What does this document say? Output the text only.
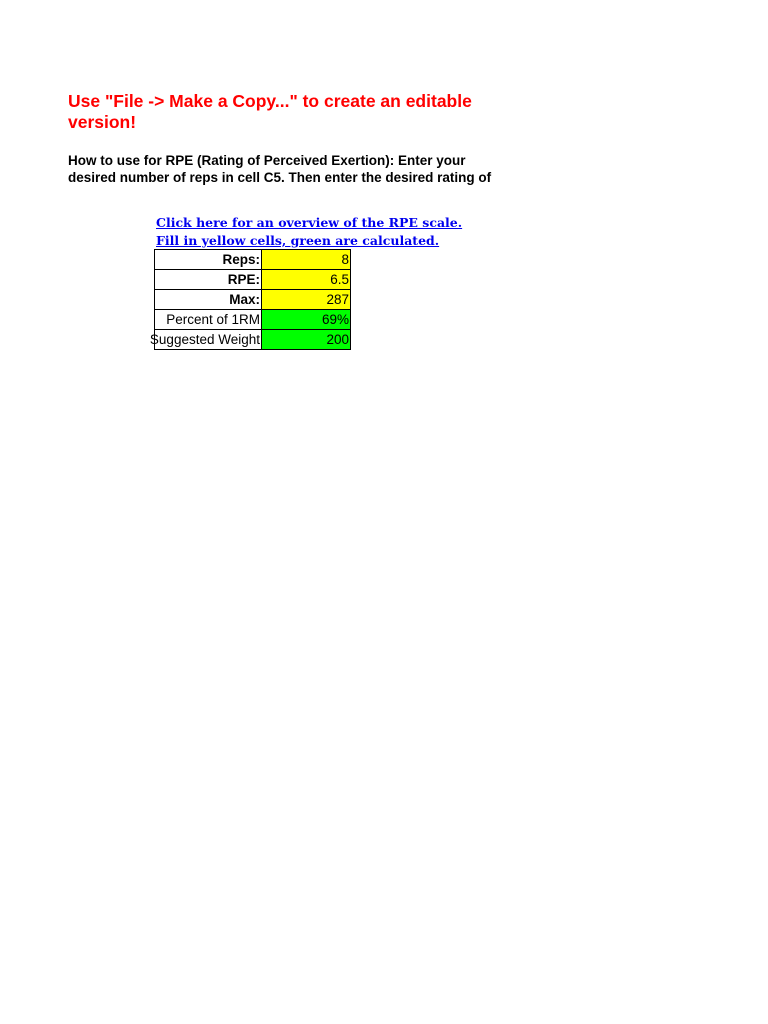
Use "File -> Make a Copy..." to create an editable version!

How to use for RPE (Rating of Perceived Exertion): Enter your desired number of reps in cell C5. Then enter the desired rating of

Click here for an overview of the RPE scale.
Fill in yellow cells, green are calculated.
Reps:	8
RPE:	6.5
Max:	287
Percent of 1RM	69%

Suggested Weight	200
